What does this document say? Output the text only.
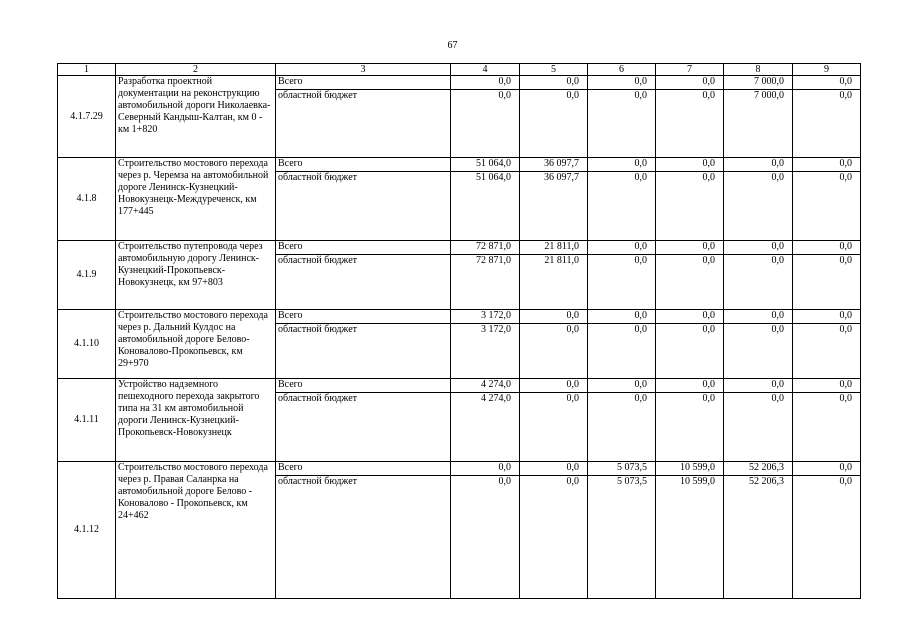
67
1	2	3	4	5	6	7	8	9
4.1.7.29	Разработка проектной документации на реконструкцию автомобильной дороги Николаевка-Северный Кандыш-Калтан, км 0 - км 1+820	Всего	0,0	0,0	0,0	0,0	7 000,0	0,0
		областной бюджет	0,0	0,0	0,0	0,0	7 000,0	0,0
4.1.8	Строительство мостового перехода через р. Черемза на автомобильной дороге Ленинск-Кузнецкий-Новокузнецк-Междуреченск, км 177+445	Всего	51 064,0	36 097,7	0,0	0,0	0,0	0,0
		областной бюджет	51 064,0	36 097,7	0,0	0,0	0,0	0,0
4.1.9	Строительство путепровода через автомобильную дорогу Ленинск-Кузнецкий-Прокопьевск-Новокузнецк, км 97+803	Всего	72 871,0	21 811,0	0,0	0,0	0,0	0,0
		областной бюджет	72 871,0	21 811,0	0,0	0,0	0,0	0,0
4.1.10	Строительство мостового перехода через р. Дальний Кулдос на автомобильной дороге Белово-Коновалово-Прокопьевск, км 29+970	Всего	3 172,0	0,0	0,0	0,0	0,0	0,0
		областной бюджет	3 172,0	0,0	0,0	0,0	0,0	0,0
4.1.11	Устройство надземного пешеходного перехода закрытого типа на 31 км автомобильной дороги Ленинск-Кузнецкий-Прокопьевск-Новокузнецк	Всего	4 274,0	0,0	0,0	0,0	0,0	0,0
		областной бюджет	4 274,0	0,0	0,0	0,0	0,0	0,0
4.1.12	Строительство мостового перехода через р. Правая Саланрка на автомобильной дороге Белово - Коновалово - Прокопьевск, км 24+462	Всего	0,0	0,0	5 073,5	10 599,0	52 206,3	0,0
		областной бюджет	0,0	0,0	5 073,5	10 599,0	52 206,3	0,0
